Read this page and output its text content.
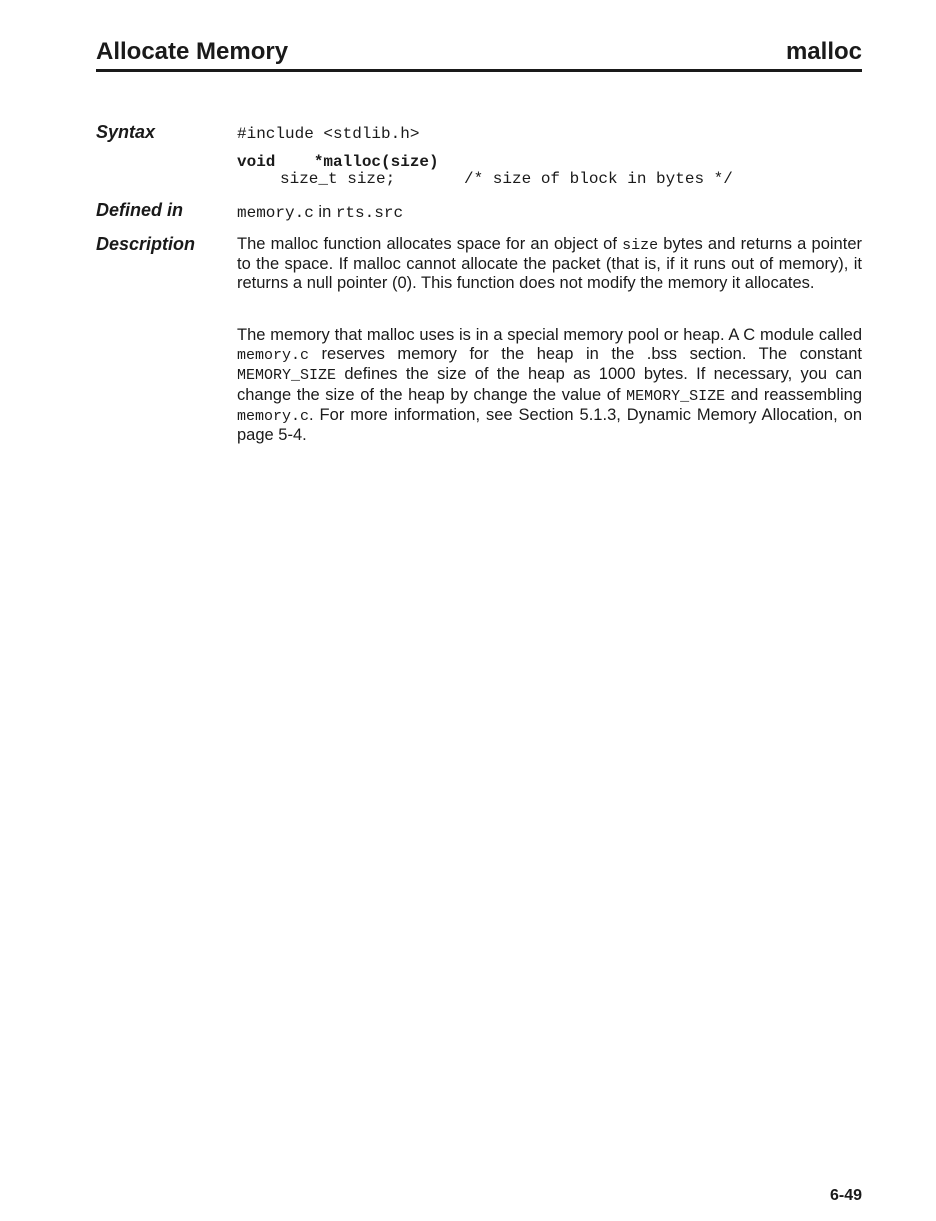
Allocate Memory	malloc
Syntax	#include <stdlib.h>
void *malloc(size)
size_t size;	/* size of block in bytes */
Defined in	memory.c in rts.src
Description	The malloc function allocates space for an object of size bytes and returns a pointer to the space. If malloc cannot allocate the packet (that is, if it runs out of memory), it returns a null pointer (0). This function does not modify the memory it allocates.
The memory that malloc uses is in a special memory pool or heap. A C module called memory.c reserves memory for the heap in the .bss section. The constant MEMORY_SIZE defines the size of the heap as 1000 bytes. If necessary, you can change the size of the heap by change the value of MEMORY_SIZE and reassembling memory.c. For more information, see Section 5.1.3, Dynamic Memory Allocation, on page 5-4.
6-49
